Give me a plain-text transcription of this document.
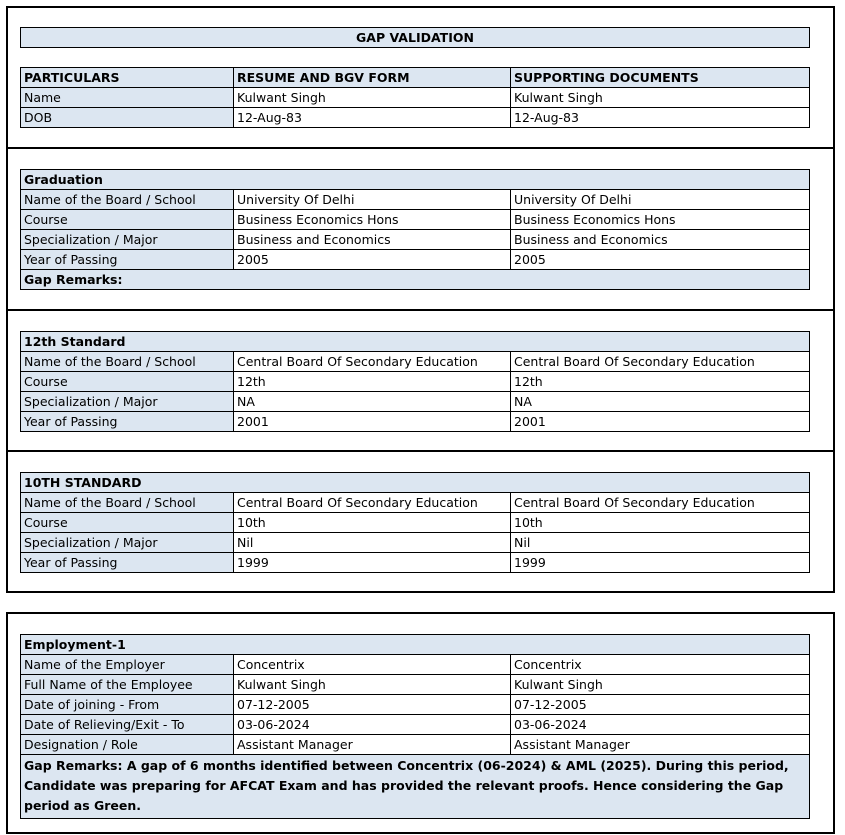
GAP VALIDATION		

PARTICULARS	RESUME AND BGV FORM	SUPPORTING DOCUMENTS
Name	Kulwant Singh	Kulwant Singh
DOB	12-Aug-83	12-Aug-83
Graduation		
Name of the Board / School	University Of Delhi	University Of Delhi
Course	Business Economics Hons	Business Economics Hons
Specialization / Major	Business and Economics	Business and Economics
Year of Passing	2005	2005
Gap Remarks:		
12th Standard		
Name of the Board / School	Central Board Of Secondary Education	Central Board Of Secondary Education
Course	12th	12th
Specialization / Major	NA	NA
Year of Passing	2001	2001
10TH STANDARD		
Name of the Board / School	Central Board Of Secondary Education	Central Board Of Secondary Education
Course	10th	10th
Specialization / Major	Nil	Nil
Year of Passing	1999	1999
Employment-1		
Name of the Employer	Concentrix	Concentrix
Full Name of the Employee	Kulwant Singh	Kulwant Singh
Date of joining - From	07-12-2005	07-12-2005
Date of Relieving/Exit - To	03-06-2024	03-06-2024
Designation / Role	Assistant Manager	Assistant Manager
Gap Remarks: A gap of 6 months identified between Concentrix (06-2024) & AML (2025). During this period, Candidate was preparing for AFCAT Exam and has provided the relevant proofs. Hence considering the Gap period as Green.		
